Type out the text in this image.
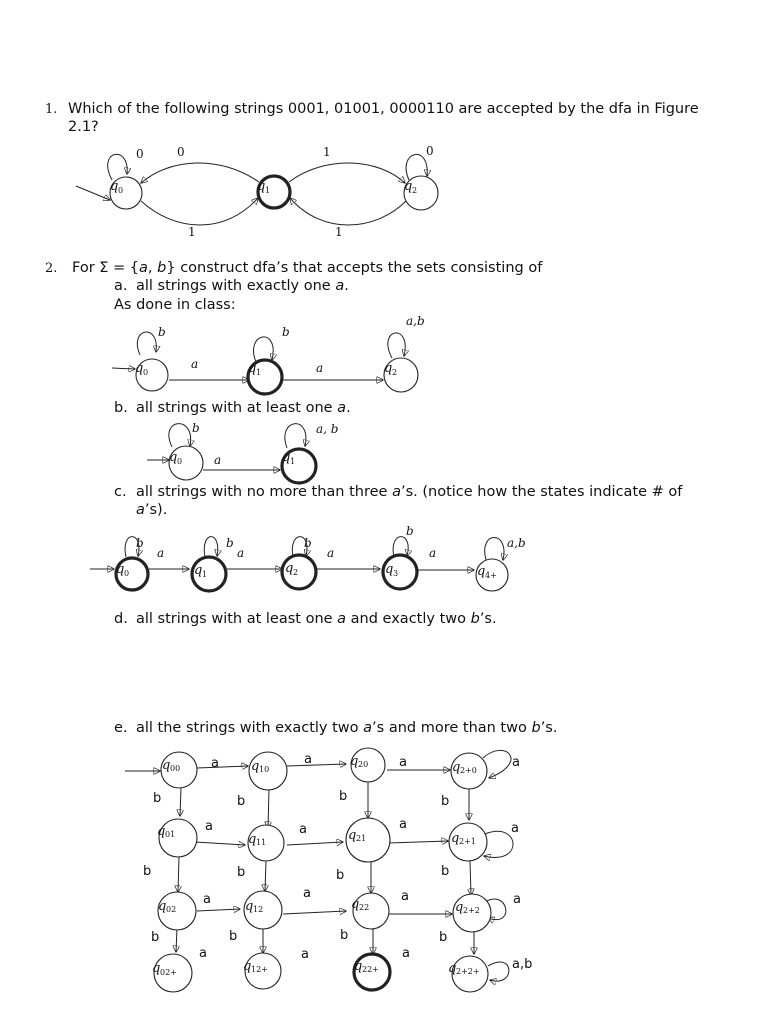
1. Which of the following strings 0001, 01001, 0000110 are accepted by the dfa in Figure
2.1?
2. For Σ = {a, b} construct dfa’s that accepts the sets consisting of
a. all strings with exactly one a.
As done in class:
b. all strings with at least one a.
c. all strings with no more than three a’s. (notice how the states indicate # of
a’s).
d. all strings with at least one a and exactly two b’s.
e. all the strings with exactly two a’s and more than two b’s.
q 0	q 1	q 2
0	0
1
1
1
0
q 0	q 1	q 2
b
a
b
a
a,b
q 0	q 1
b
a
a, b
q 0	q 1	q 2	q 3	q 4+
b
a
b
a
b
a
b
a
a,b
q 00	q 10
q 20	q 2+0
q 01	q 11	q 21	q 2+1
q 02	q 12	q 22	q 2+2
q 02+	q 12+	q 22+	q 2+2+
a	a	a
a	a	a
a	a	a
a	a	a
a
a
a
a,b
b	b	b	b
b	b	b	b
b	b	b	b
